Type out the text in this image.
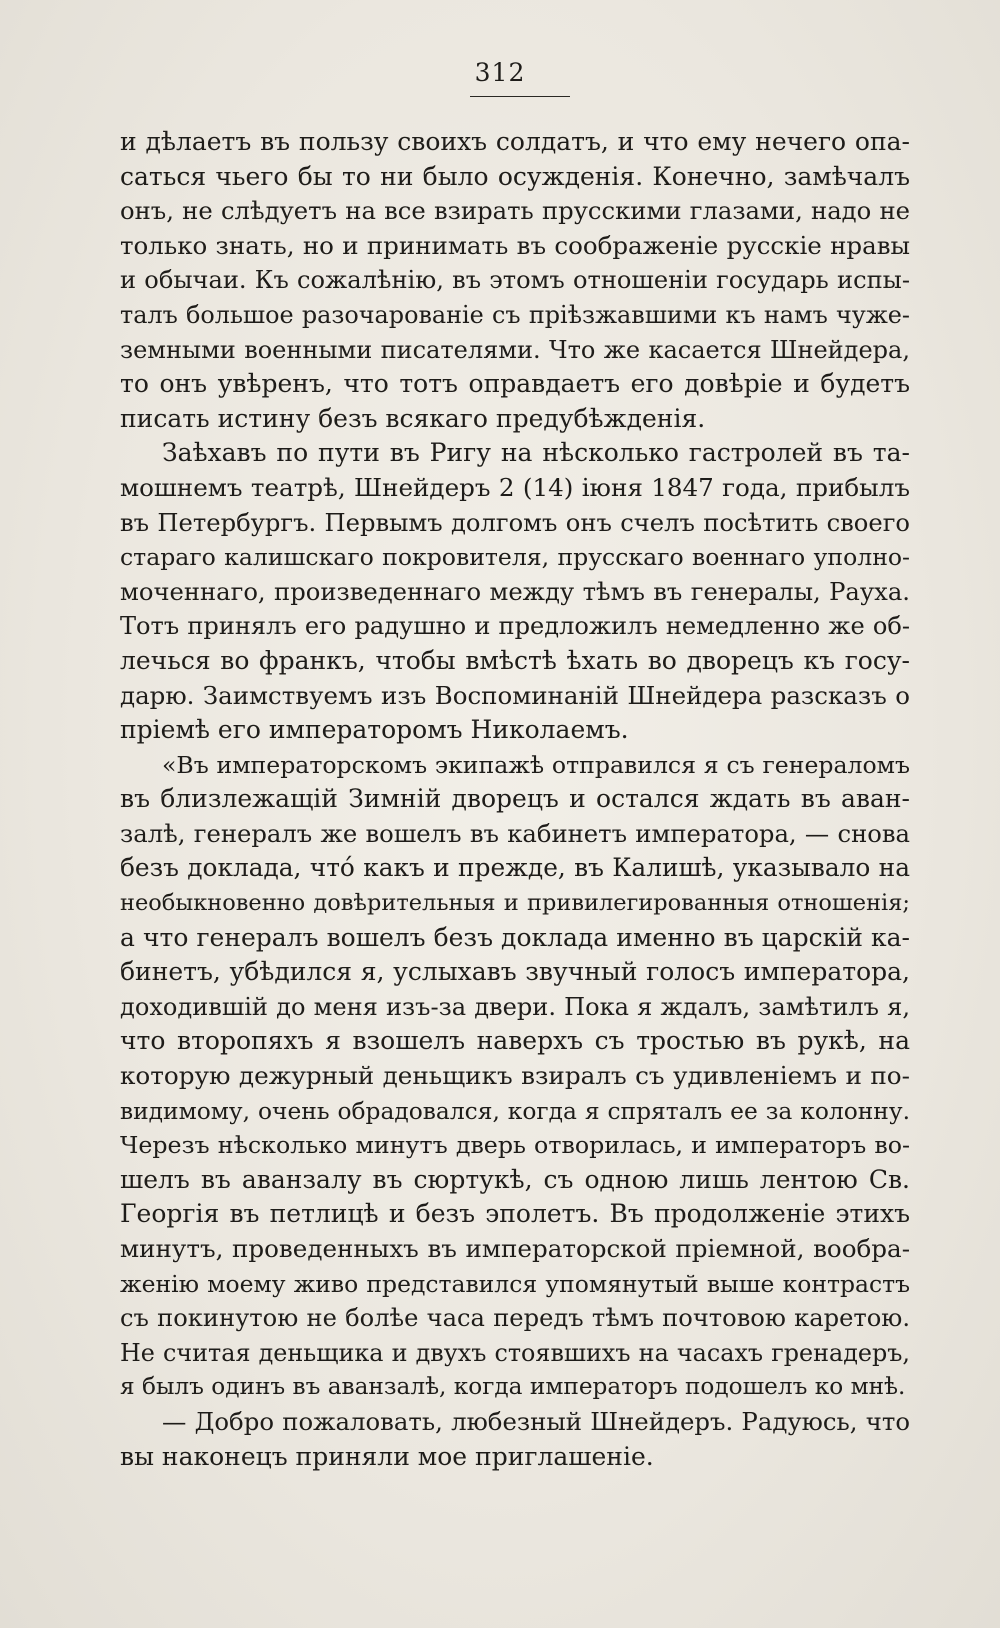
312
и дѣлаетъ въ пользу своихъ солдатъ, и что ему нечего опа-
саться чьего бы то ни было осужденія. Конечно, замѣчалъ
онъ, не слѣдуетъ на все взирать прусскими глазами, надо не
только знать, но и принимать въ соображеніе русскіе нравы
и обычаи. Къ сожалѣнію, въ этомъ отношеніи государь испы-
талъ большое разочарованіе съ пріѣзжавшими къ намъ чуже-
земными военными писателями. Что же касается Шнейдера,
то онъ увѣренъ, что тотъ оправдаетъ его довѣріе и будетъ
писать истину безъ всякаго предубѣжденія.
Заѣхавъ по пути въ Ригу на нѣсколько гастролей въ та-
мошнемъ театрѣ, Шнейдеръ 2 (14) іюня 1847 года, прибылъ
въ Петербургъ. Первымъ долгомъ онъ счелъ посѣтить своего
стараго калишскаго покровителя, прусскаго военнаго уполно-
моченнаго, произведеннаго между тѣмъ въ генералы, Рауха.
Тотъ принялъ его радушно и предложилъ немедленно же об-
лечься во франкъ, чтобы вмѣстѣ ѣхать во дворецъ къ госу-
дарю. Заимствуемъ изъ Воспоминаній Шнейдера разсказъ о
пріемѣ его императоромъ Николаемъ.
«Въ императорскомъ экипажѣ отправился я съ генераломъ
въ близлежащій Зимній дворецъ и остался ждать въ аван-
залѣ, генералъ же вошелъ въ кабинетъ императора, — снова
безъ доклада, что́ какъ и прежде, въ Калишѣ, указывало на
необыкновенно довѣрительныя и привилегированныя отношенія;
а что генералъ вошелъ безъ доклада именно въ царскій ка-
бинетъ, убѣдился я, услыхавъ звучный голосъ императора,
доходившій до меня изъ-за двери. Пока я ждалъ, замѣтилъ я,
что второпяхъ я взошелъ наверхъ съ тростью въ рукѣ, на
которую дежурный деньщикъ взиралъ съ удивленіемъ и по-
видимому, очень обрадовался, когда я спряталъ ее за колонну.
Черезъ нѣсколько минутъ дверь отворилась, и императоръ во-
шелъ въ аванзалу въ сюртукѣ, съ одною лишь лентою Св.
Георгія въ петлицѣ и безъ эполетъ. Въ продолженіе этихъ
минутъ, проведенныхъ въ императорской пріемной, вообра-
женію моему живо представился упомянутый выше контрастъ
съ покинутою не болѣе часа передъ тѣмъ почтовою каретою.
Не считая деньщика и двухъ стоявшихъ на часахъ гренадеръ,
я былъ одинъ въ аванзалѣ, когда императоръ подошелъ ко мнѣ.
— Добро пожаловать, любезный Шнейдеръ. Радуюсь, что
вы наконецъ приняли мое приглашеніе.
